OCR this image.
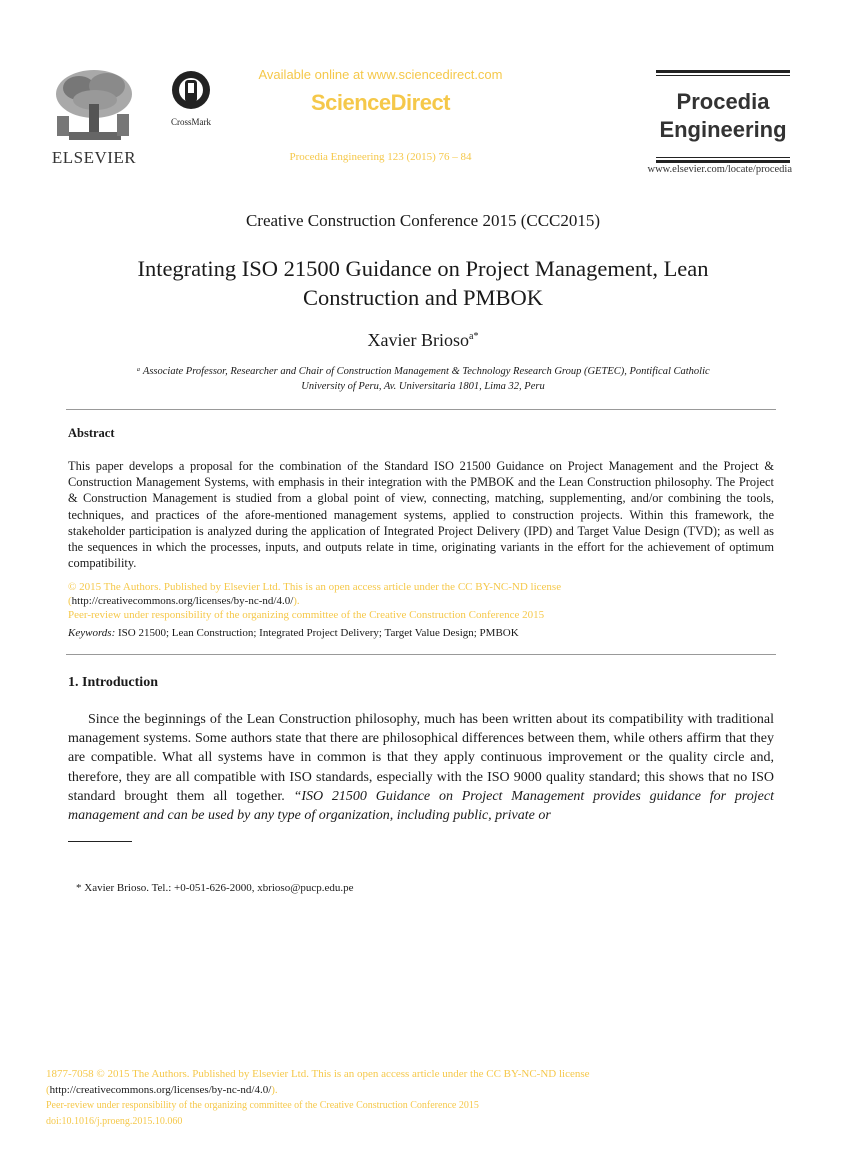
ELSEVIER
CrossMark
Available online at www.sciencedirect.com
ScienceDirect
Procedia Engineering 123 (2015) 76 – 84
Procedia
Engineering
www.elsevier.com/locate/procedia
Creative Construction Conference 2015 (CCC2015)
Integrating ISO 21500 Guidance on Project Management, Lean
Construction and PMBOK
Xavier Brioso$^{a*}$
ᵃ Associate Professor, Researcher and Chair of Construction Management & Technology Research Group (GETEC), Pontifical Catholic
University of Peru, Av. Universitaria 1801, Lima 32, Peru
Abstract
This paper develops a proposal for the combination of the Standard ISO 21500 Guidance on Project Management and the Project & Construction Management Systems, with emphasis in their integration with the PMBOK and the Lean Construction philosophy. The Project & Construction Management is studied from a global point of view, connecting, matching, supplementing, and/or combining the tools, techniques, and practices of the afore-mentioned management systems, applied to construction projects. Within this framework, the stakeholder participation is analyzed during the application of Integrated Project Delivery (IPD) and Target Value Design (TVD); as well as the sequences in which the processes, inputs, and outputs relate in time, originating variants in the effort for the achievement of optimum compatibility.
© 2015 The Authors. Published by Elsevier Ltd. This is an open access article under the CC BY-NC-ND license
(http://creativecommons.org/licenses/by-nc-nd/4.0/).
Peer-review under responsibility of the organizing committee of the Creative Construction Conference 2015
Keywords: ISO 21500; Lean Construction; Integrated Project Delivery; Target Value Design; PMBOK
1. Introduction
Since the beginnings of the Lean Construction philosophy, much has been written about its compatibility with traditional management systems. Some authors state that there are philosophical differences between them, while others affirm that they are compatible. What all systems have in common is that they apply continuous improvement or the quality circle and, therefore, they are all compatible with ISO standards, especially with the ISO 9000 quality standard; this shows that no ISO standard brought them all together. “ISO 21500 Guidance on Project Management provides guidance for project management and can be used by any type of organization, including public, private or
* Xavier Brioso. Tel.: +0-051-626-2000, xbrioso@pucp.edu.pe
1877-7058 © 2015 The Authors. Published by Elsevier Ltd. This is an open access article under the CC BY-NC-ND license
(http://creativecommons.org/licenses/by-nc-nd/4.0/).
Peer-review under responsibility of the organizing committee of the Creative Construction Conference 2015
doi:10.1016/j.proeng.2015.10.060
